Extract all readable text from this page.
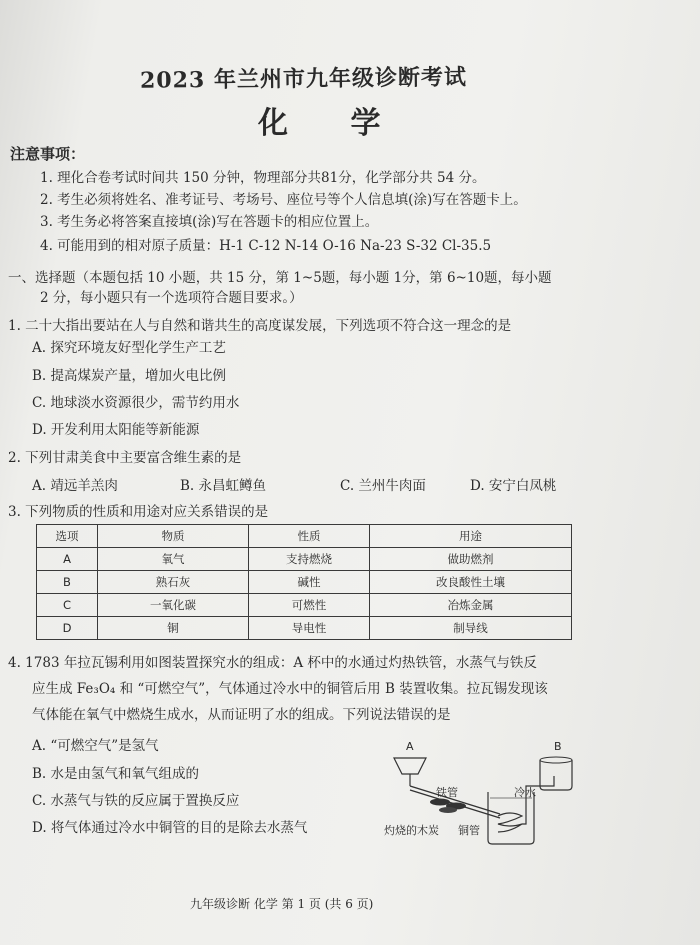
2023 年兰州市九年级诊断考试
化 学
注意事项：
1. 理化合卷考试时间共 150 分钟，物理部分共81分，化学部分共 54 分。
2. 考生必须将姓名、准考证号、考场号、座位号等个人信息填(涂)写在答题卡上。
3. 考生务必将答案直接填(涂)写在答题卡的相应位置上。
4. 可能用到的相对原子质量：H-1 C-12 N-14 O-16 Na-23 S-32 Cl-35.5
一、选择题（本题包括 10 小题，共 15 分，第 1~5题，每小题 1分，第 6~10题，每小题
2 分，每小题只有一个选项符合题目要求。）
1. 二十大指出要站在人与自然和谐共生的高度谋发展，下列选项不符合这一理念的是
A. 探究环境友好型化学生产工艺
B. 提高煤炭产量，增加火电比例
C. 地球淡水资源很少，需节约用水
D. 开发利用太阳能等新能源
2. 下列甘肃美食中主要富含维生素的是
A. 靖远羊羔肉	B. 永昌虹鳟鱼	C. 兰州牛肉面	D. 安宁白凤桃
3. 下列物质的性质和用途对应关系错误的是
选项	物质	性质	用途
A	氧气	支持燃烧	做助燃剂
B	熟石灰	碱性	改良酸性土壤
C	一氧化碳	可燃性	冶炼金属
D	铜	导电性	制导线
4. 1783 年拉瓦锡利用如图装置探究水的组成：A 杯中的水通过灼热铁管，水蒸气与铁反
应生成 Fe₃O₄ 和 “可燃空气”，气体通过冷水中的铜管后用 B 装置收集。拉瓦锡发现该
气体能在氧气中燃烧生成水，从而证明了水的组成。下列说法错误的是
A. “可燃空气”是氢气
B. 水是由氢气和氧气组成的
C. 水蒸气与铁的反应属于置换反应
D. 将气体通过冷水中铜管的目的是除去水蒸气
A	B
铁管	冷水
灼烧的木炭 铜管
九年级诊断 化学 第 1 页 (共 6 页)
